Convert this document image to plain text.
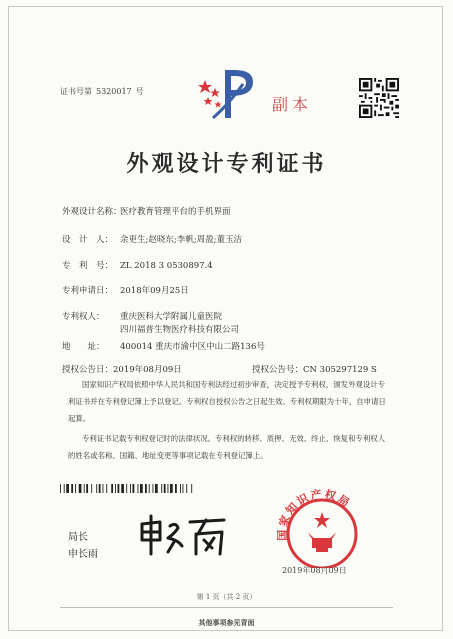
证书号第 5320017 号
副本
外观设计专利证书
外观设计名称：医疗教育管理平台的手机界面
设　计　人： 余更生;赵晓东;李帆;周盈;董玉洁
专　利　号： ZL 2018 3 0530897.4
专利申请日： 2018年09月25日
专利权人： 重庆医科大学附属儿童医院
四川福普生物医疗科技有限公司
地　　址： 400014 重庆市渝中区中山二路136号
授权公告日：2019年08月09日	授权公告号：CN 305297129 S
国家知识产权局依照中华人民共和国专利法经过初步审查，决定授予专利权，颁发外观设计专利证书并在专利登记簿上予以登记。专利权自授权公告之日起生效。专利权期限为十年，自申请日起算。
专利证书记载专利权登记时的法律状况。专利权的转移、质押、无效、终止、恢复和专利权人的姓名或名称、国籍、地址变更等事项记载在专利登记簿上。
局长
申长雨
国家知识产权局
2019年08月09日
第 1 页（共 2 页）
其他事项参见背面
